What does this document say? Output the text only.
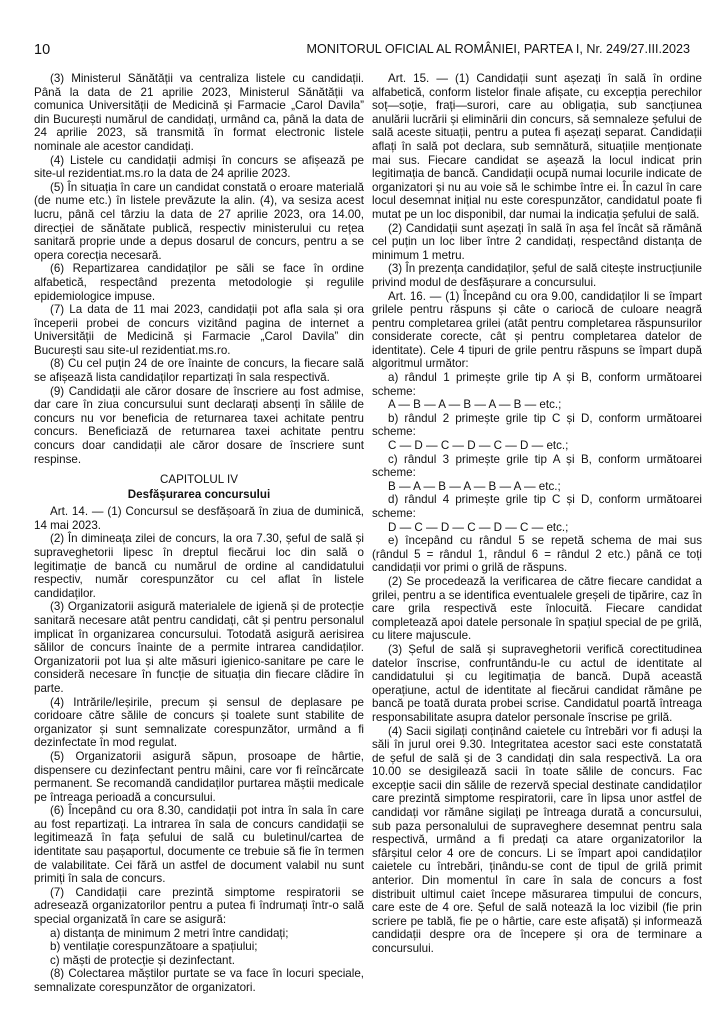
10	MONITORUL OFICIAL AL ROMÂNIEI, PARTEA I, Nr. 249/27.III.2023

(3) Ministerul Sănătății va centraliza listele cu candidații. Până la data de 21 aprilie 2023, Ministerul Sănătății va comunica Universității de Medicină și Farmacie „Carol Davila” din București numărul de candidați, urmând ca, până la data de 24 aprilie 2023, să transmită în format electronic listele nominale ale acestor candidați.

(4) Listele cu candidații admiși în concurs se afișează pe site-ul rezidentiat.ms.ro la data de 24 aprilie 2023.

(5) În situația în care un candidat constată o eroare materială (de nume etc.) în listele prevăzute la alin. (4), va sesiza acest lucru, până cel târziu la data de 27 aprilie 2023, ora 14.00, direcției de sănătate publică, respectiv ministerului cu rețea sanitară proprie unde a depus dosarul de concurs, pentru a se opera corecția necesară.

(6) Repartizarea candidaților pe săli se face în ordine alfabetică, respectând prezenta metodologie și regulile epidemiologice impuse.

(7) La data de 11 mai 2023, candidații pot afla sala și ora începerii probei de concurs vizitând pagina de internet a Universității de Medicină și Farmacie „Carol Davila” din București sau site-ul rezidentiat.ms.ro.

(8) Cu cel puțin 24 de ore înainte de concurs, la fiecare sală se afișează lista candidaților repartizați în sala respectivă.

(9) Candidații ale căror dosare de înscriere au fost admise, dar care în ziua concursului sunt declarați absenți în sălile de concurs nu vor beneficia de returnarea taxei achitate pentru concurs. Beneficiază de returnarea taxei achitate pentru concurs doar candidații ale căror dosare de înscriere sunt respinse.

CAPITOLUL IV
Desfășurarea concursului

Art. 14. — (1) Concursul se desfășoară în ziua de duminică, 14 mai 2023.

(2) În dimineața zilei de concurs, la ora 7.30, șeful de sală și supraveghetorii lipesc în dreptul fiecărui loc din sală o legitimație de bancă cu numărul de ordine al candidatului respectiv, număr corespunzător cu cel aflat în listele candidaților.

(3) Organizatorii asigură materialele de igienă și de protecție sanitară necesare atât pentru candidați, cât și pentru personalul implicat în organizarea concursului. Totodată asigură aerisirea sălilor de concurs înainte de a permite intrarea candidaților. Organizatorii pot lua și alte măsuri igienico-sanitare pe care le consideră necesare în funcție de situația din fiecare clădire în parte.

(4) Intrările/Ieșirile, precum și sensul de deplasare pe coridoare către sălile de concurs și toalete sunt stabilite de organizator și sunt semnalizate corespunzător, urmând a fi dezinfectate în mod regulat.

(5) Organizatorii asigură săpun, prosoape de hârtie, dispensere cu dezinfectant pentru mâini, care vor fi reîncărcate permanent. Se recomandă candidaților purtarea măștii medicale pe întreaga perioadă a concursului.

(6) Începând cu ora 8.30, candidații pot intra în sala în care au fost repartizați. La intrarea în sala de concurs candidații se legitimează în fața șefului de sală cu buletinul/cartea de identitate sau pașaportul, documente ce trebuie să fie în termen de valabilitate. Cei fără un astfel de document valabil nu sunt primiți în sala de concurs.

(7) Candidații care prezintă simptome respiratorii se adresează organizatorilor pentru a putea fi îndrumați într-o sală special organizată în care se asigură:

a) distanța de minimum 2 metri între candidați;

b) ventilație corespunzătoare a spațiului;

c) măști de protecție și dezinfectant.

(8) Colectarea măștilor purtate se va face în locuri speciale, semnalizate corespunzător de organizatori.

Art. 15. — (1) Candidații sunt așezați în sală în ordine alfabetică, conform listelor finale afișate, cu excepția perechilor soț—soție, frați—surori, care au obligația, sub sancțiunea anulării lucrării și eliminării din concurs, să semnaleze șefului de sală aceste situații, pentru a putea fi așezați separat. Candidații aflați în sală pot declara, sub semnătură, situațiile menționate mai sus. Fiecare candidat se așează la locul indicat prin legitimația de bancă. Candidații ocupă numai locurile indicate de organizatori și nu au voie să le schimbe între ei. În cazul în care locul desemnat inițial nu este corespunzător, candidatul poate fi mutat pe un loc disponibil, dar numai la indicația șefului de sală.

(2) Candidații sunt așezați în sală în așa fel încât să rămână cel puțin un loc liber între 2 candidați, respectând distanța de minimum 1 metru.

(3) În prezența candidaților, șeful de sală citește instrucțiunile privind modul de desfășurare a concursului.

Art. 16. — (1) Începând cu ora 9.00, candidaților li se împart grilele pentru răspuns și câte o cariocă de culoare neagră pentru completarea grilei (atât pentru completarea răspunsurilor considerate corecte, cât și pentru completarea datelor de identitate). Cele 4 tipuri de grile pentru răspuns se împart după algoritmul următor:

a) rândul 1 primește grile tip A și B, conform următoarei scheme:

A — B — A — B — A — B — etc.;

b) rândul 2 primește grile tip C și D, conform următoarei scheme:

C — D — C — D — C — D — etc.;

c) rândul 3 primește grile tip A și B, conform următoarei scheme:

B — A — B — A — B — A — etc.;

d) rândul 4 primește grile tip C și D, conform următoarei scheme:

D — C — D — C — D — C — etc.;

e) începând cu rândul 5 se repetă schema de mai sus (rândul 5 = rândul 1, rândul 6 = rândul 2 etc.) până ce toți candidații vor primi o grilă de răspuns.

(2) Se procedează la verificarea de către fiecare candidat a grilei, pentru a se identifica eventualele greșeli de tipărire, caz în care grila respectivă este înlocuită. Fiecare candidat completează apoi datele personale în spațiul special de pe grilă, cu litere majuscule.

(3) Șeful de sală și supraveghetorii verifică corectitudinea datelor înscrise, confruntându-le cu actul de identitate al candidatului și cu legitimația de bancă. După această operațiune, actul de identitate al fiecărui candidat rămâne pe bancă pe toată durata probei scrise. Candidatul poartă întreaga responsabilitate asupra datelor personale înscrise pe grilă.

(4) Sacii sigilați conținând caietele cu întrebări vor fi aduși la săli în jurul orei 9.30. Integritatea acestor saci este constatată de șeful de sală și de 3 candidați din sala respectivă. La ora 10.00 se desigilează sacii în toate sălile de concurs. Fac excepție sacii din sălile de rezervă special destinate candidaților care prezintă simptome respiratorii, care în lipsa unor astfel de candidați vor rămâne sigilați pe întreaga durată a concursului, sub paza personalului de supraveghere desemnat pentru sala respectivă, urmând a fi predați ca atare organizatorilor la sfârșitul celor 4 ore de concurs. Li se împart apoi candidaților caietele cu întrebări, ținându-se cont de tipul de grilă primit anterior. Din momentul în care în sala de concurs a fost distribuit ultimul caiet începe măsurarea timpului de concurs, care este de 4 ore. Șeful de sală notează la loc vizibil (fie prin scriere pe tablă, fie pe o hârtie, care este afișată) și informează candidații despre ora de începere și ora de terminare a concursului.
